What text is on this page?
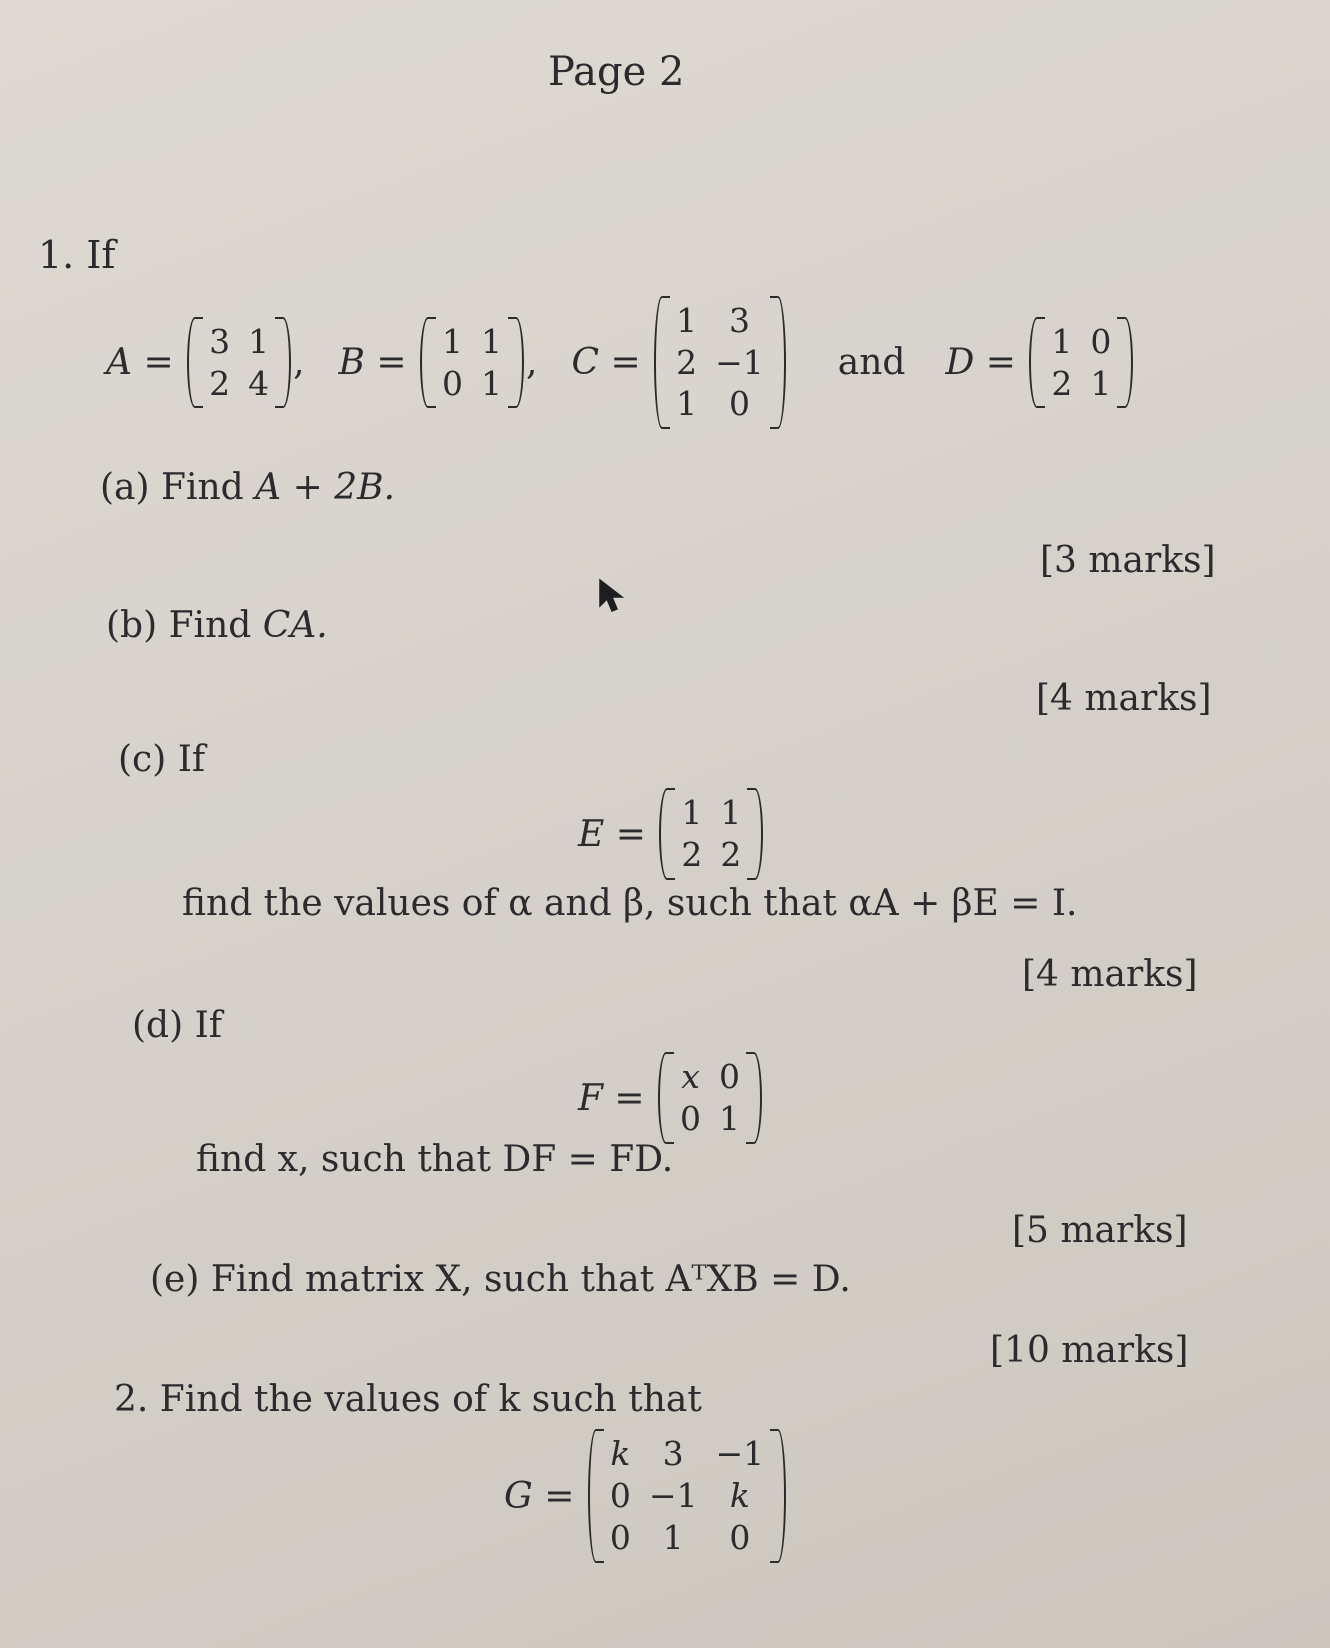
Page 2
1. If
A =
3 1
2 4 , B =
1 1
0 1 , C =
1 3
2 −1
1 0
and D =
1 0
2 1
(a) Find A + 2B.
[3 marks]
(b) Find CA.
[4 marks]
(c) If
E =
1 1
2 2
find the values of α and β, such that αA + βE = I.
[4 marks]
(d) If
F =
x 0
0 1
find x, such that DF = FD.
[5 marks]
(e) Find matrix X, such that AᵀXB = D.
[10 marks]
2. Find the values of k such that
G =
k 3 −1
0 −1 k
0 1	0
